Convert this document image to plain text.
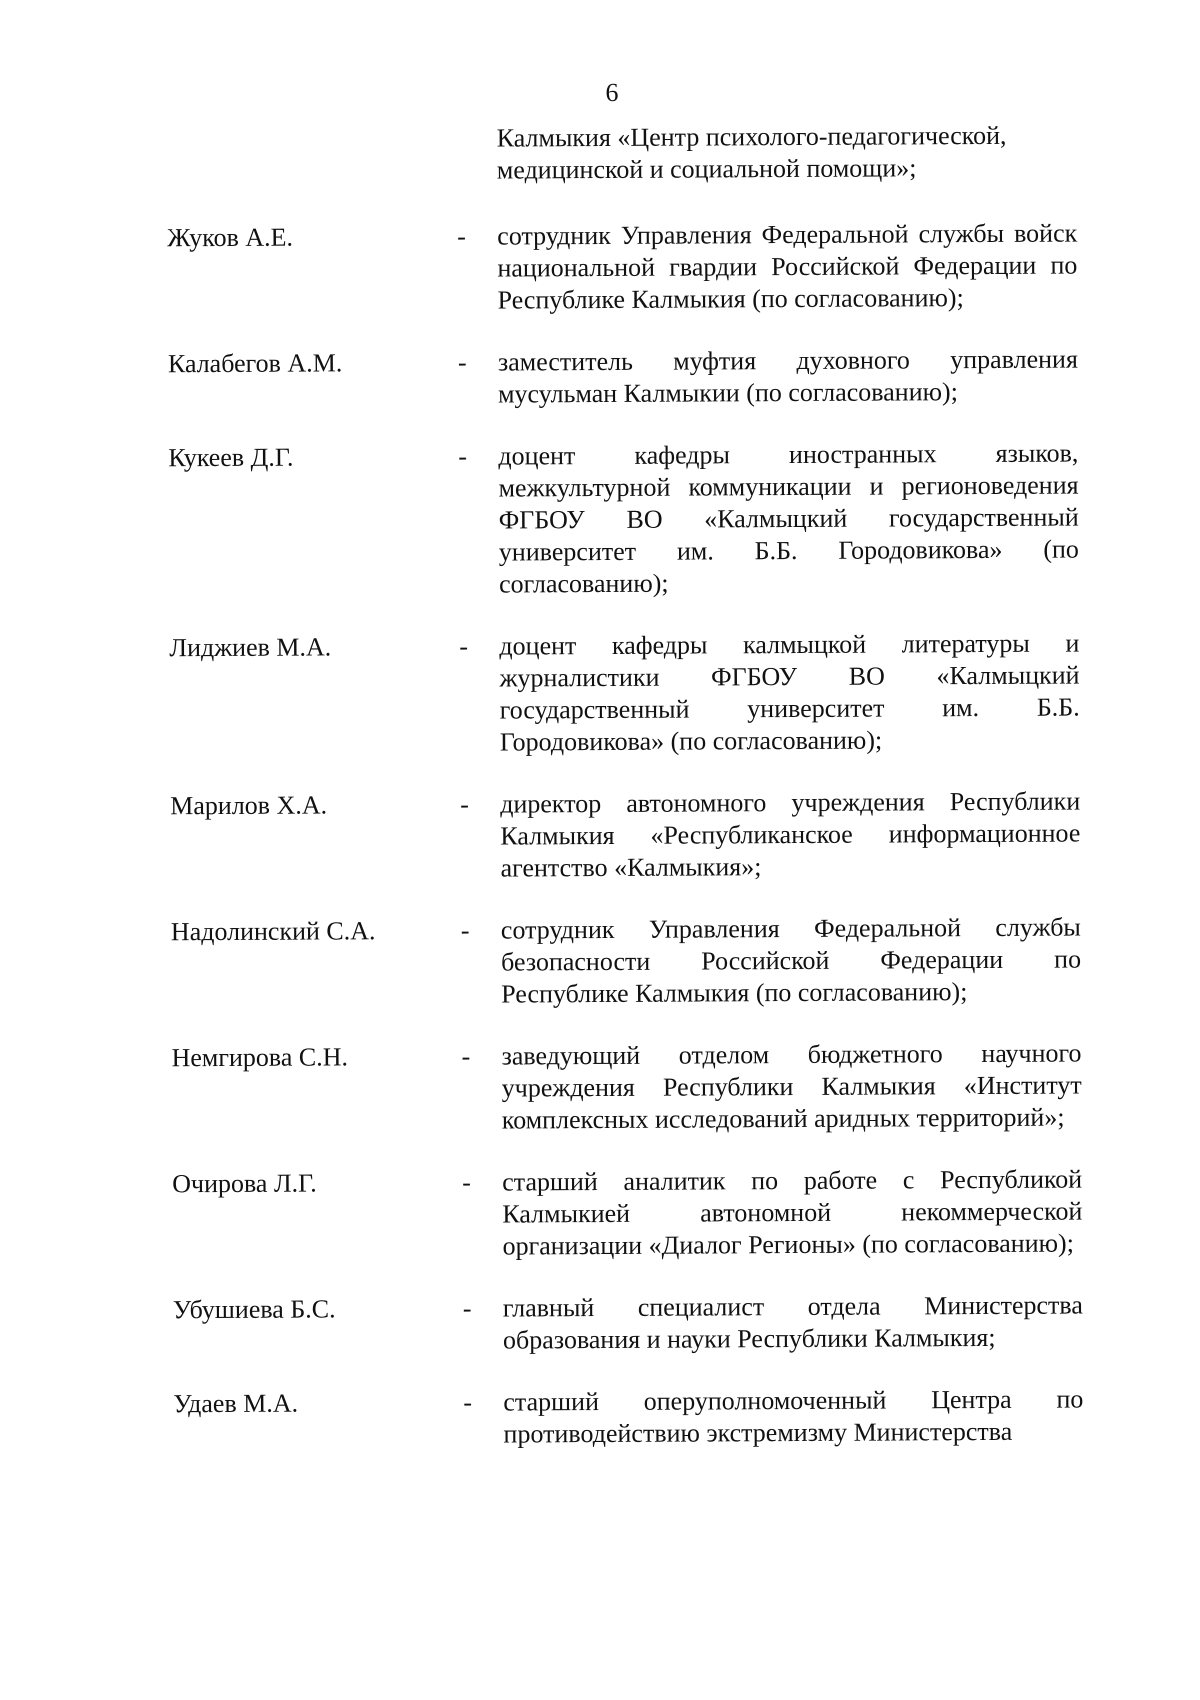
6
Калмыкия «Центр психолого-педагогической,
медицинской и социальной помощи»;
Жуков А.Е.	- сотрудник Управления Федеральной службы войск национальной гвардии Российской Федерации по Республике Калмыкия (по согласованию);
Калабегов А.М.	- заместитель муфтия духовного управления мусульман Калмыкии (по согласованию);
Кукеев Д.Г.	- доцент кафедры иностранных языков, межкультурной коммуникации и регионоведения ФГБОУ ВО «Калмыцкий государственный университет им. Б.Б. Городовикова» (по согласованию);
Лиджиев М.А.	- доцент кафедры калмыцкой литературы и журналистики ФГБОУ ВО «Калмыцкий государственный университет им. Б.Б. Городовикова» (по согласованию);
Марилов Х.А.	- директор автономного учреждения Республики Калмыкия «Республиканское информационное агентство «Калмыкия»;
Надолинский С.А.	- сотрудник Управления Федеральной службы безопасности Российской Федерации по Республике Калмыкия (по согласованию);
Немгирова С.Н.	- заведующий отделом бюджетного научного учреждения Республики Калмыкия «Институт комплексных исследований аридных территорий»;
Очирова Л.Г.	- старший аналитик по работе с Республикой Калмыкией автономной некоммерческой организации «Диалог Регионы» (по согласованию);
Убушиева Б.С.	- главный специалист отдела Министерства образования и науки Республики Калмыкия;
Удаев М.А.	- старший оперуполномоченный Центра по противодействию экстремизму Министерства
